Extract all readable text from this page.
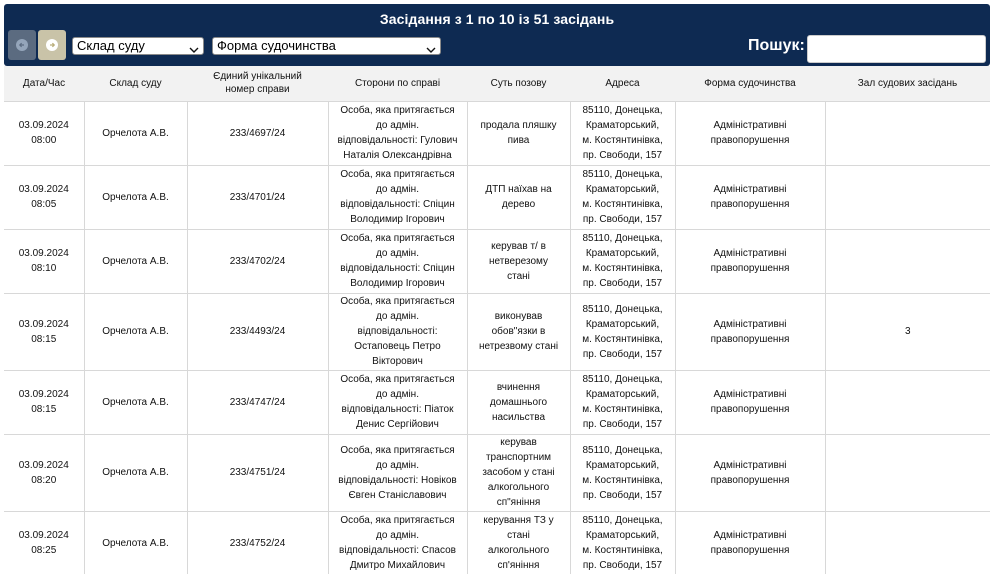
Засідання з 1 по 10 із 51 засідань
Склад суду	Форма судочинства	Пошук:
Дата/Час	Склад суду	Єдиний унікальний
номер справи	Сторони по справі	Суть позову	Адреса	Форма судочинства	Зал судових засідань
03.09.2024
08:00	Орчелота А.В.	233/4697/24	Особа, яка притягається
до адмін.
відповідальності: Гулович
Наталія Олександрівна	продала пляшку
пива	85110, Донецька,
Краматорський,
м. Костянтинівка,
пр. Свободи, 157	Адміністративні
правопорушення	
03.09.2024
08:05	Орчелота А.В.	233/4701/24	Особа, яка притягається
до адмін.
відповідальності: Спіцин
Володимир Ігорович	ДТП наїхав на
дерево	85110, Донецька,
Краматорський,
м. Костянтинівка,
пр. Свободи, 157	Адміністративні
правопорушення	
03.09.2024
08:10	Орчелота А.В.	233/4702/24	Особа, яка притягається
до адмін.
відповідальності: Спіцин
Володимир Ігорович	керував т/ в
нетверезому
стані	85110, Донецька,
Краматорський,
м. Костянтинівка,
пр. Свободи, 157	Адміністративні
правопорушення	
03.09.2024
08:15	Орчелота А.В.	233/4493/24	Особа, яка притягається
до адмін.
відповідальності:
Остаповець Петро
Вікторович	виконував
обов"язки в
нетрезвому стані	85110, Донецька,
Краматорський,
м. Костянтинівка,
пр. Свободи, 157	Адміністративні
правопорушення	3
03.09.2024
08:15	Орчелота А.В.	233/4747/24	Особа, яка притягається
до адмін.
відповідальності: Піаток
Денис Сергійович	вчинення
домашнього
насильства	85110, Донецька,
Краматорський,
м. Костянтинівка,
пр. Свободи, 157	Адміністративні
правопорушення	
03.09.2024
08:20	Орчелота А.В.	233/4751/24	Особа, яка притягається
до адмін.
відповідальності: Новіков
Євген Станіславович	керував
транспортним
засобом у стані
алкогольного
сп"яніння	85110, Донецька,
Краматорський,
м. Костянтинівка,
пр. Свободи, 157	Адміністративні
правопорушення	
03.09.2024
08:25	Орчелота А.В.	233/4752/24	Особа, яка притягається
до адмін.
відповідальності: Спасов
Дмитро Михайлович	керування ТЗ у
стані
алкогольного
сп'яніння	85110, Донецька,
Краматорський,
м. Костянтинівка,
пр. Свободи, 157	Адміністративні
правопорушення	
